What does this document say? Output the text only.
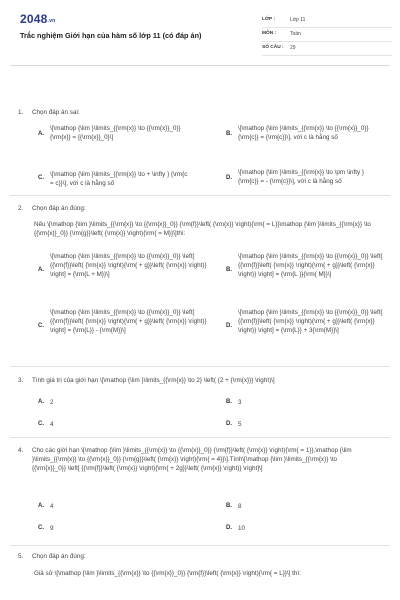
2048.vn
Trắc nghiệm Giới hạn của hàm số lớp 11 (có đáp án)
LỚP :	Lớp 11
MÔN :	Toán
SỐ CÂU :	29
1.	Chọn đáp án sai:
A.
\[\mathop {\lim }\limits_{{\rm{x}} \to {{\rm{x}}_0}} {\rm{x}} = {{\rm{x}}_0}\]
B.
\[\mathop {\lim }\limits_{{\rm{x}} \to {{\rm{x}}_0}} {\rm{c}} = {\rm{c}}\], với c là hằng số
C. \[\mathop {\lim }\limits_{{\rm{x}} \to + \infty } {\rm{c = c}}\], với c là hằng số
D.
\[\mathop {\lim }\limits_{{\rm{x}} \to \pm \infty } {\rm{c}} = - {\rm{c}}\], với c là hằng số
2.	Chọn đáp án đúng:
Nếu \[\mathop {\lim }\limits_{{\rm{x}} \to {{\rm{x}}_0}} {\rm{f}}\left( {\rm{x}} \right){\rm{ = L}}\mathop {\lim }\limits_{{\rm{x}} \to {{\rm{x}}_0}} {\rm{g}}\left( {\rm{x}} \right){\rm{ = M}}\]thì:
A.
\[\mathop {\lim }\limits_{{\rm{x}} \to {{\rm{x}}_0}} \left[ {{\rm{f}}\left( {\rm{x}} \right){\rm{ + g}}\left( {\rm{x}} \right)} \right] = {\rm{L + M}}\]
B.
\[\mathop {\lim }\limits_{{\rm{x}} \to {{\rm{x}}_0}} \left[ {{\rm{f}}\left( {\rm{x}} \right){\rm{ + g}}\left( {\rm{x}} \right)} \right] = {\rm{L }}{\rm{ M}}\]
C.
\[\mathop {\lim }\limits_{{\rm{x}} \to {{\rm{x}}_0}} \left[ {{\rm{f}}\left( {\rm{x}} \right){\rm{ + g}}\left( {\rm{x}} \right)} \right] = {\rm{L}} - {\rm{M}}\]
D.
\[\mathop {\lim }\limits_{{\rm{x}} \to {{\rm{x}}_0}} \left[ {{\rm{f}}\left( {\rm{x}} \right){\rm{ + g}}\left( {\rm{x}} \right)} \right] = {\rm{L}} + 3{\rm{M}}\]
3.	Tính giá trị của giới hạn \[\mathop {\lim }\limits_{{\rm{x}} \to 2} \left( {2 + {\rm{x}}} \right)\]
A. 2	B. 3
C. 4	D. 5
4.	Cho các giới hạn \[\mathop {\lim }\limits_{{\rm{x}} \to {{\rm{x}}_0}} {\rm{f}}\left( {\rm{x}} \right){\rm{ = 1}},\mathop {\lim }\limits_{{\rm{x}} \to {{\rm{x}}_0}} {\rm{g}}\left( {\rm{x}} \right){\rm{ = 4}}\].Tính\[\mathop {\lim }\limits_{{\rm{x}} \to {{\rm{x}}_0}} \left[ {{\rm{f}}\left( {\rm{x}} \right){\rm{ + 2g}}\left( {\rm{x}} \right)} \right]\]
A. 4	B. 8
C. 9	D. 10
5.	Chọn đáp án đúng:
Giả sử \[\mathop {\lim }\limits_{{\rm{x}} \to {{\rm{x}}_0}} {\rm{f}}\left( {\rm{x}} \right){\rm{ = L}}\] thì:
